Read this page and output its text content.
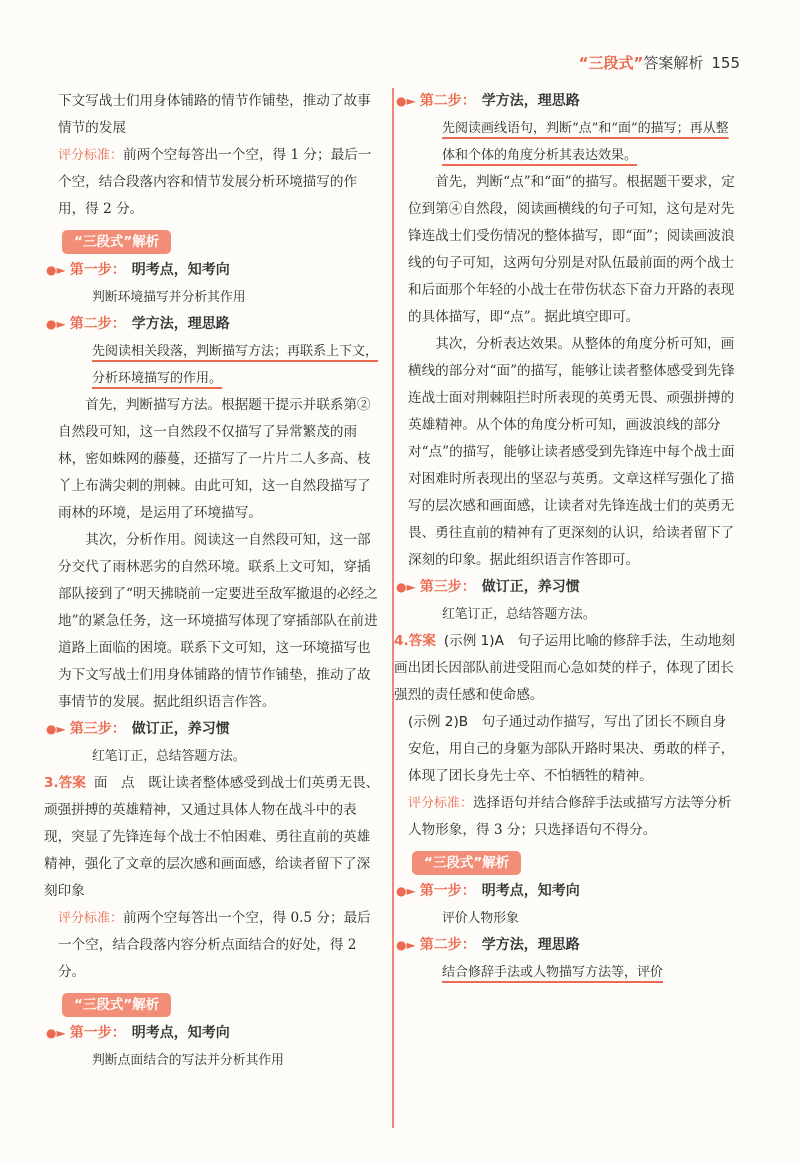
“三段式”答案解析 155

下文写战士们用身体铺路的情节作铺垫，推动了故事情节的发展

评分标准：前两个空每答出一个空，得 1 分；最后一个空，结合段落内容和情节发展分析环境描写的作用，得 2 分。

“三段式”解析
●► 第一步： 明考点，知考向

判断环境描写并分析其作用

●► 第二步： 学方法，理思路

先阅读相关段落，判断描写方法；再联系上下文，分析环境描写的作用。

首先，判断描写方法。根据题干提示并联系第②自然段可知，这一自然段不仅描写了异常繁茂的雨林，密如蛛网的藤蔓，还描写了一片片二人多高、枝丫上布满尖刺的荆棘。由此可知，这一自然段描写了雨林的环境，是运用了环境描写。

其次，分析作用。阅读这一自然段可知，这一部分交代了雨林恶劣的自然环境。联系上文可知，穿插部队接到了“明天拂晓前一定要进至敌军撤退的必经之地”的紧急任务，这一环境描写体现了穿插部队在前进道路上面临的困境。联系下文可知，这一环境描写也为下文写战士们用身体铺路的情节作铺垫，推动了故事情节的发展。据此组织语言作答。

●► 第三步： 做订正，养习惯

红笔订正，总结答题方法。

3.答案 面　点　既让读者整体感受到战士们英勇无畏、顽强拼搏的英雄精神，又通过具体人物在战斗中的表现，突显了先锋连每个战士不怕困难、勇往直前的英雄精神，强化了文章的层次感和画面感，给读者留下了深刻印象

评分标准：前两个空每答出一个空，得 0.5 分；最后一个空，结合段落内容分析点面结合的好处，得 2 分。

“三段式”解析
●► 第一步： 明考点，知考向

判断点面结合的写法并分析其作用

●► 第二步： 学方法，理思路

先阅读画线语句，判断“点”和“面”的描写；再从整体和个体的角度分析其表达效果。

首先，判断“点”和“面”的描写。根据题干要求，定位到第④自然段，阅读画横线的句子可知，这句是对先锋连战士们受伤情况的整体描写，即“面”；阅读画波浪线的句子可知，这两句分别是对队伍最前面的两个战士和后面那个年轻的小战士在带伤状态下奋力开路的表现的具体描写，即“点”。据此填空即可。

其次，分析表达效果。从整体的角度分析可知，画横线的部分对“面”的描写，能够让读者整体感受到先锋连战士面对荆棘阻拦时所表现的英勇无畏、顽强拼搏的英雄精神。从个体的角度分析可知，画波浪线的部分对“点”的描写，能够让读者感受到先锋连中每个战士面对困难时所表现出的坚忍与英勇。文章这样写强化了描写的层次感和画面感，让读者对先锋连战士们的英勇无畏、勇往直前的精神有了更深刻的认识，给读者留下了深刻的印象。据此组织语言作答即可。

●► 第三步： 做订正，养习惯

红笔订正，总结答题方法。

4.答案 (示例 1)A　句子运用比喻的修辞手法，生动地刻画出团长因部队前进受阻而心急如焚的样子，体现了团长强烈的责任感和使命感。

(示例 2)B　句子通过动作描写，写出了团长不顾自身安危，用自己的身躯为部队开路时果决、勇敢的样子，体现了团长身先士卒、不怕牺牲的精神。

评分标准：选择语句并结合修辞手法或描写方法等分析人物形象，得 3 分；只选择语句不得分。

“三段式”解析
●► 第一步： 明考点，知考向

评价人物形象

●► 第二步： 学方法，理思路

结合修辞手法或人物描写方法等，评价
